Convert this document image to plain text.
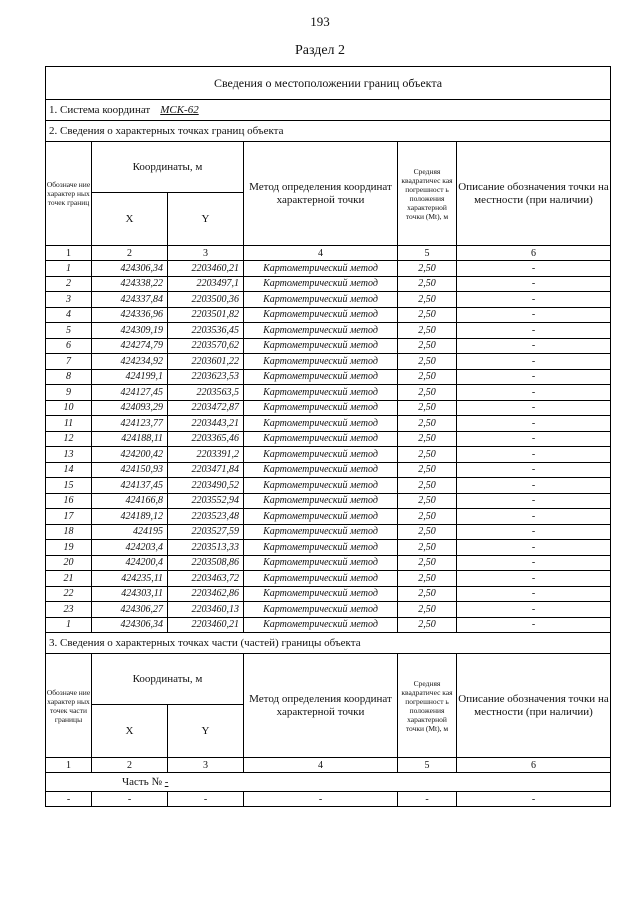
193
Раздел 2
Сведения о местоположении границ объекта					
1. Система координат МСК-62					
2. Сведения о характерных точках границ объекта					
Обозначе ние характер ных точек границ	Координаты, м		Метод определения координат характерной точки	Средняя квадратичес кая погрешност ь положения характерной точки (Mt), м	Описание обозначения точки на местности (при наличии)
	X	Y			
1	2	3	4	5	6
1	424306,34	2203460,21	Картометрический метод	2,50	-
2	424338,22	2203497,1	Картометрический метод	2,50	-
3	424337,84	2203500,36	Картометрический метод	2,50	-
4	424336,96	2203501,82	Картометрический метод	2,50	-
5	424309,19	2203536,45	Картометрический метод	2,50	-
6	424274,79	2203570,62	Картометрический метод	2,50	-
7	424234,92	2203601,22	Картометрический метод	2,50	-
8	424199,1	2203623,53	Картометрический метод	2,50	-
9	424127,45	2203563,5	Картометрический метод	2,50	-
10	424093,29	2203472,87	Картометрический метод	2,50	-
11	424123,77	2203443,21	Картометрический метод	2,50	-
12	424188,11	2203365,46	Картометрический метод	2,50	-
13	424200,42	2203391,2	Картометрический метод	2,50	-
14	424150,93	2203471,84	Картометрический метод	2,50	-
15	424137,45	2203490,52	Картометрический метод	2,50	-
16	424166,8	2203552,94	Картометрический метод	2,50	-
17	424189,12	2203523,48	Картометрический метод	2,50	-
18	424195	2203527,59	Картометрический метод	2,50	-
19	424203,4	2203513,33	Картометрический метод	2,50	-
20	424200,4	2203508,86	Картометрический метод	2,50	-
21	424235,11	2203463,72	Картометрический метод	2,50	-
22	424303,11	2203462,86	Картометрический метод	2,50	-
23	424306,27	2203460,13	Картометрический метод	2,50	-
1	424306,34	2203460,21	Картометрический метод	2,50	-
3. Сведения о характерных точках части (частей) границы объекта					
Обозначе ние характер ных точек части границы	Координаты, м		Метод определения координат характерной точки	Средняя квадратичес кая погрешност ь положения характерной точки (Mt), м	Описание обозначения точки на местности (при наличии)
	X	Y			
1	2	3	4	5	6
Часть № -					
-	-	-	-	-	-
